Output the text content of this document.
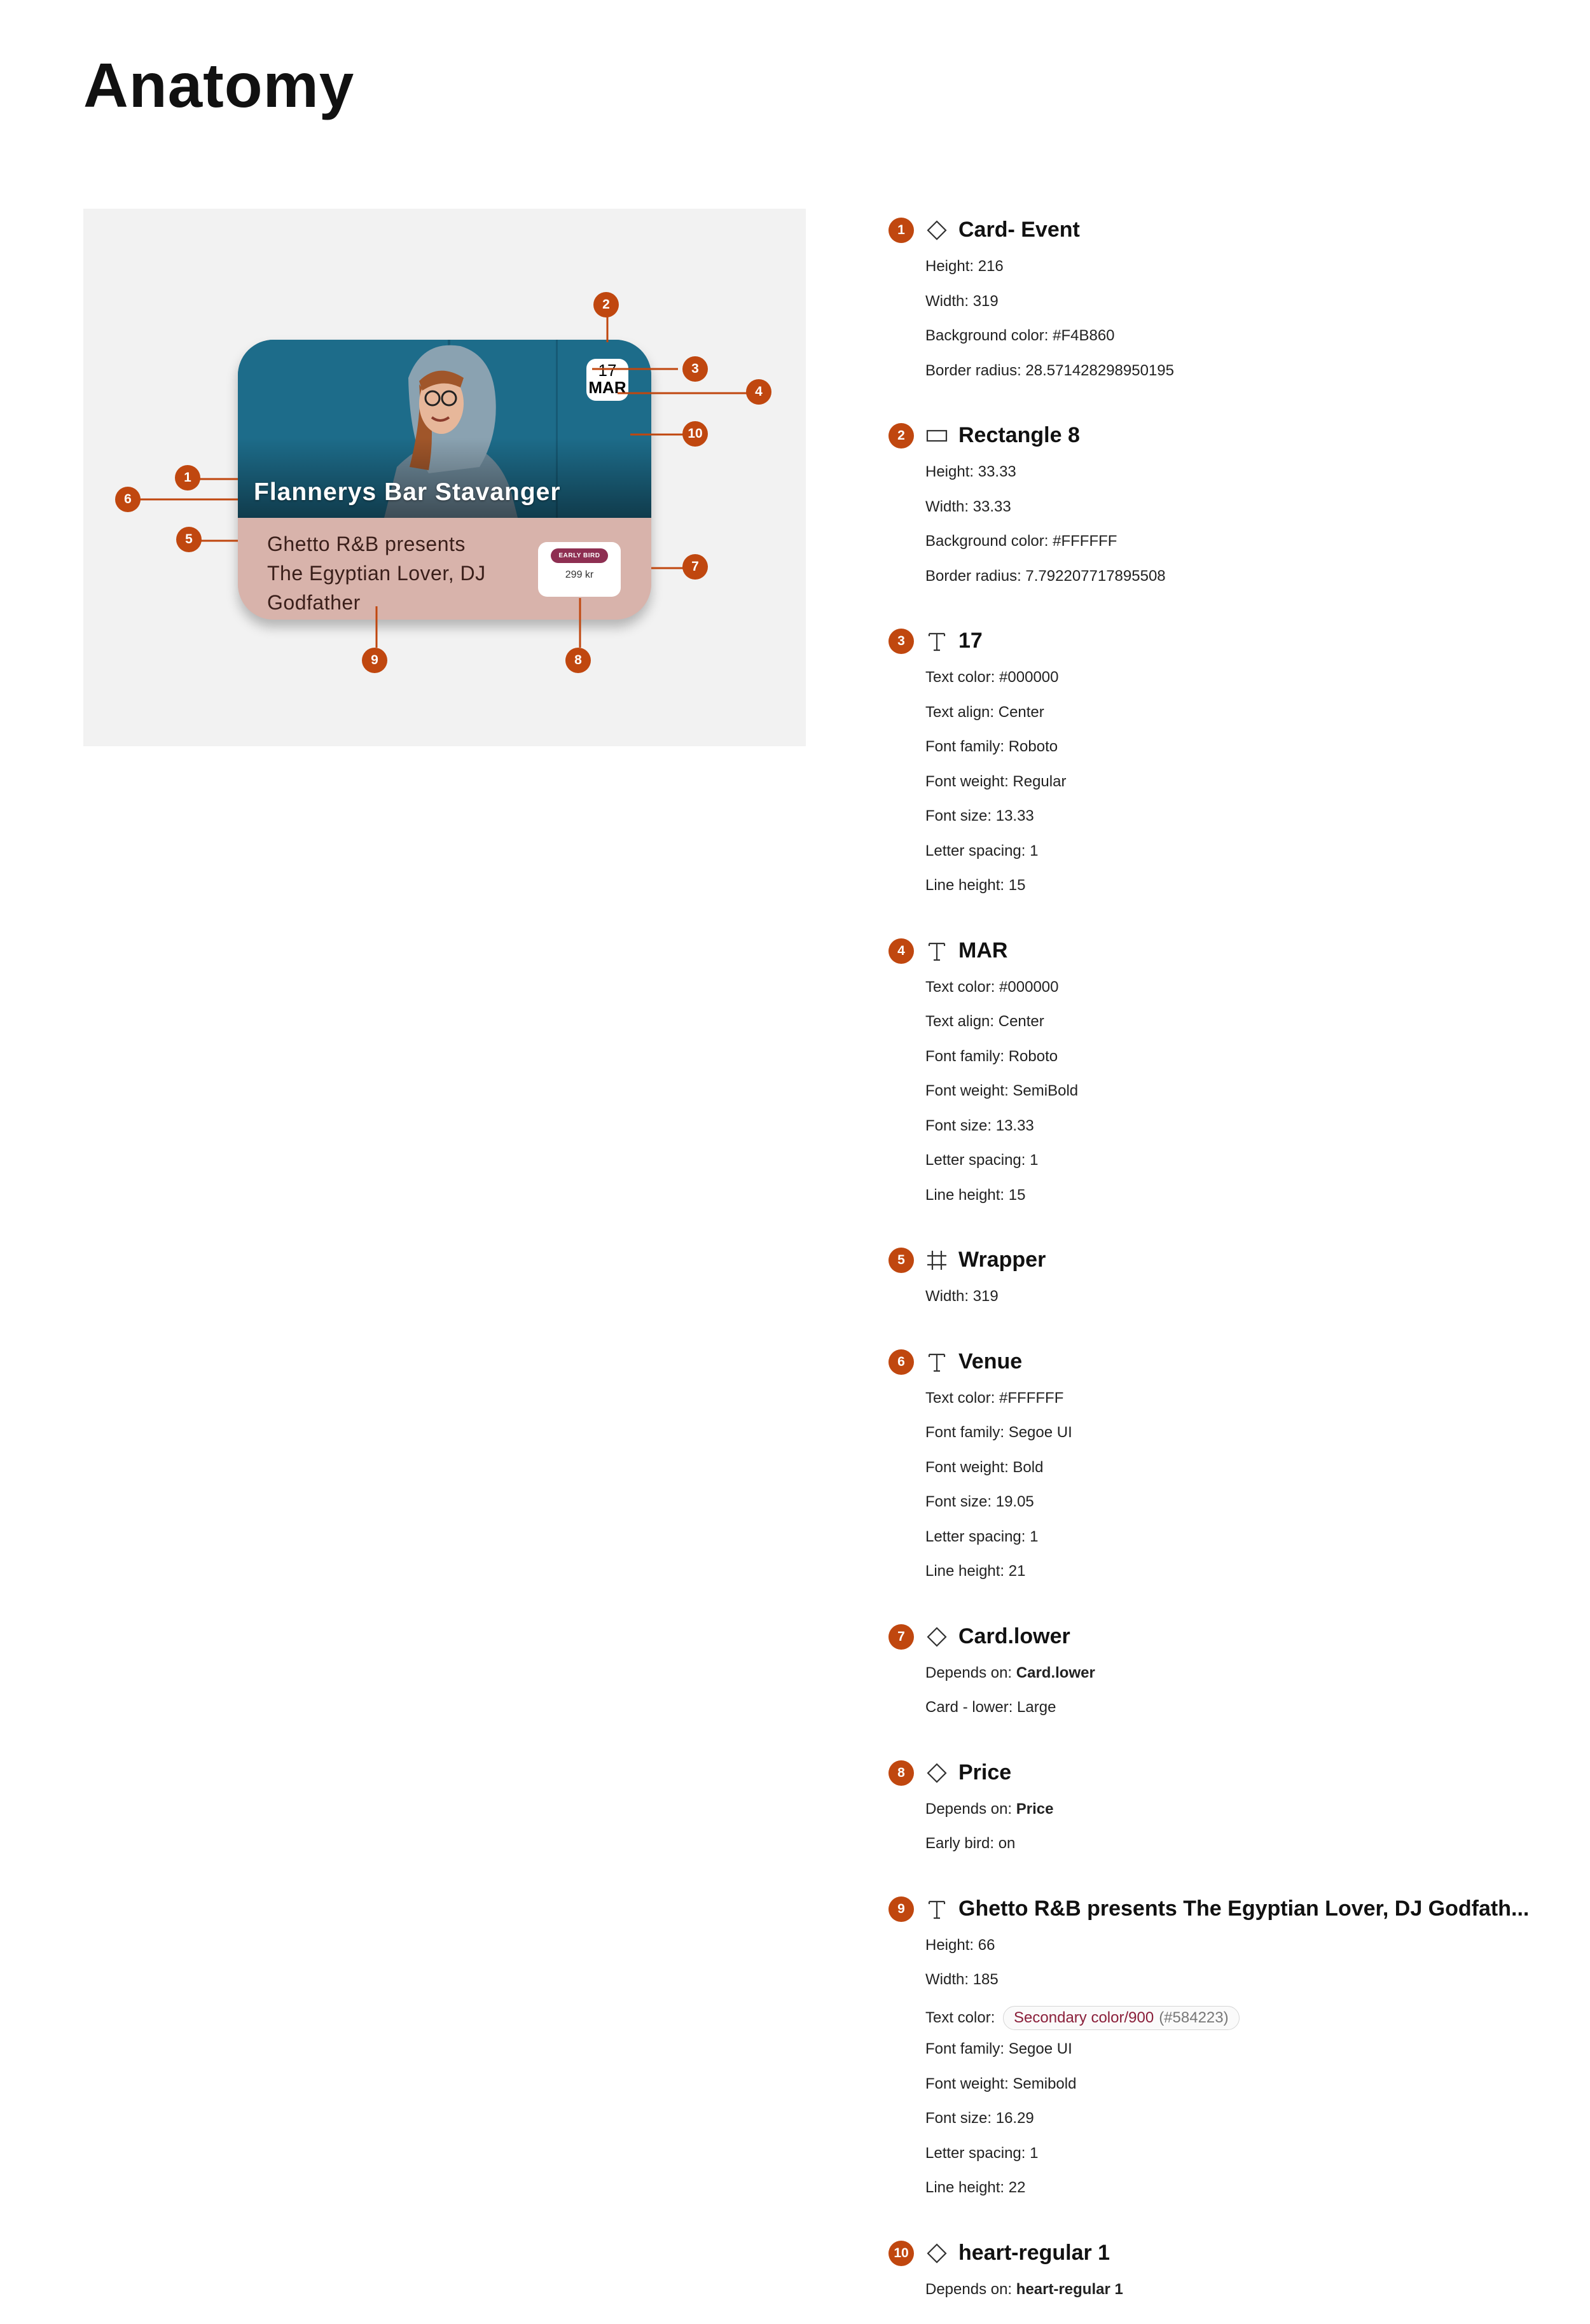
Anatomy
Flannerys Bar Stavanger
17
MAR
Ghetto R&B presents
The Egyptian Lover, DJ
Godfather
EARLY BIRD
299 kr
2
3
4
10
1
6
5
7
8
9
1	Card- Event
Height: 216
Width: 319
Background color: #F4B860
Border radius: 28.571428298950195
2	Rectangle 8
Height: 33.33
Width: 33.33
Background color: #FFFFFF
Border radius: 7.792207717895508
3	17
Text color: #000000
Text align: Center
Font family: Roboto
Font weight: Regular
Font size: 13.33
Letter spacing: 1
Line height: 15
4	MAR
Text color: #000000
Text align: Center
Font family: Roboto
Font weight: SemiBold
Font size: 13.33
Letter spacing: 1
Line height: 15
5	Wrapper
Width: 319
6	Venue
Text color: #FFFFFF
Font family: Segoe UI
Font weight: Bold
Font size: 19.05
Letter spacing: 1
Line height: 21
7	Card.lower
Depends on: Card.lower
Card - lower: Large
8	Price
Depends on: Price
Early bird: on
9	Ghetto R&B presents The Egyptian Lover, DJ Godfath...
Height: 66
Width: 185
Text color: Secondary color/900 (#584223)
Font family: Segoe UI
Font weight: Semibold
Font size: 16.29
Letter spacing: 1
Line height: 22
10 heart-regular 1
Depends on: heart-regular 1
